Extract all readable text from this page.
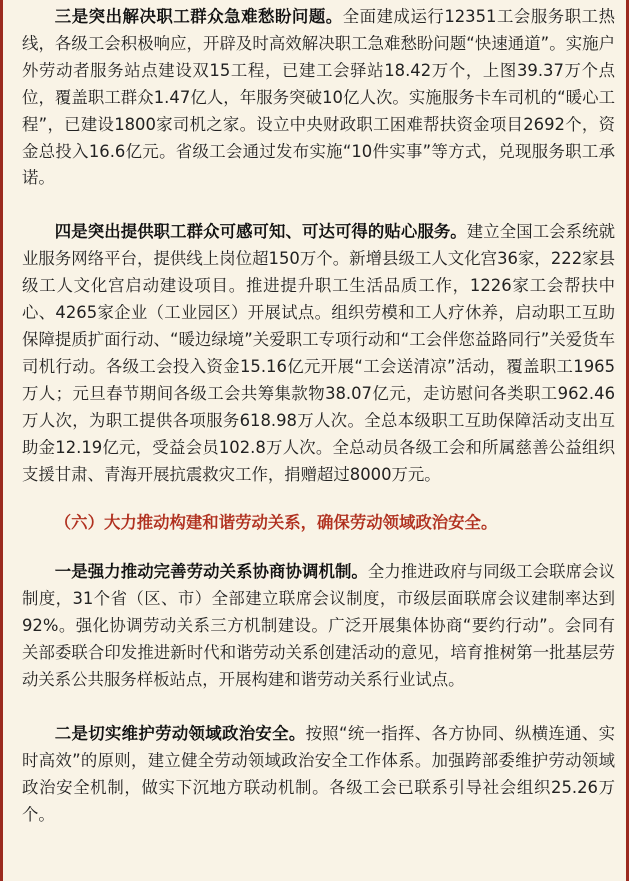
三是突出解决职工群众急难愁盼问题。全面建成运行12351工会服务职工热线，各级工会积极响应，开辟及时高效解决职工急难愁盼问题“快速通道”。实施户外劳动者服务站点建设双15工程，已建工会驿站18.42万个，上图39.37万个点位，覆盖职工群众1.47亿人，年服务突破10亿人次。实施服务卡车司机的“暖心工程”，已建设1800家司机之家。设立中央财政职工困难帮扶资金项目2692个，资金总投入16.6亿元。省级工会通过发布实施“10件实事”等方式，兑现服务职工承诺。

四是突出提供职工群众可感可知、可达可得的贴心服务。建立全国工会系统就业服务网络平台，提供线上岗位超150万个。新增县级工人文化宫36家，222家县级工人文化宫启动建设项目。推进提升职工生活品质工作，1226家工会帮扶中心、4265家企业（工业园区）开展试点。组织劳模和工人疗休养，启动职工互助保障提质扩面行动、“暖边绿境”关爱职工专项行动和“工会伴您益路同行”关爱货车司机行动。各级工会投入资金15.16亿元开展“工会送清凉”活动，覆盖职工1965万人；元旦春节期间各级工会共筹集款物38.07亿元，走访慰问各类职工962.46万人次，为职工提供各项服务618.98万人次。全总本级职工互助保障活动支出互助金12.19亿元，受益会员102.8万人次。全总动员各级工会和所属慈善公益组织支援甘肃、青海开展抗震救灾工作，捐赠超过8000万元。

（六）大力推动构建和谐劳动关系，确保劳动领域政治安全。

一是强力推动完善劳动关系协商协调机制。全力推进政府与同级工会联席会议制度，31个省（区、市）全部建立联席会议制度，市级层面联席会议建制率达到92%。强化协调劳动关系三方机制建设。广泛开展集体协商“要约行动”。会同有关部委联合印发推进新时代和谐劳动关系创建活动的意见，培育推树第一批基层劳动关系公共服务样板站点，开展构建和谐劳动关系行业试点。

二是切实维护劳动领域政治安全。按照“统一指挥、各方协同、纵横连通、实时高效”的原则，建立健全劳动领域政治安全工作体系。加强跨部委维护劳动领域政治安全机制，做实下沉地方联动机制。各级工会已联系引导社会组织25.26万个。
